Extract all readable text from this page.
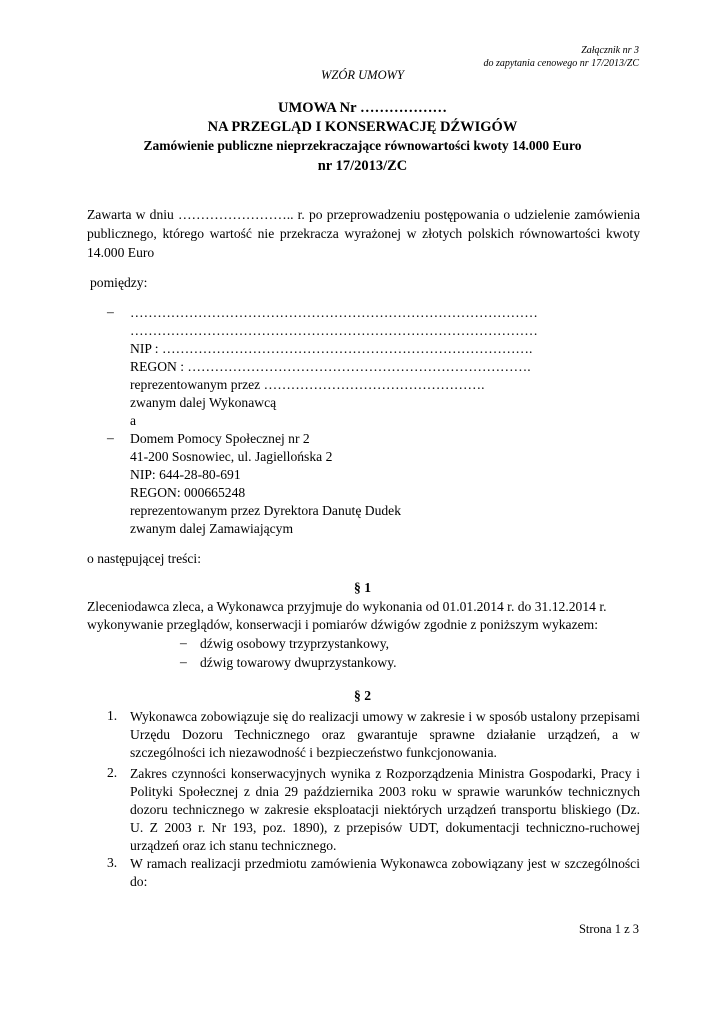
Załącznik nr 3
do zapytania cenowego nr 17/2013/ZC
WZÓR UMOWY
UMOWA Nr ………………
NA PRZEGLĄD I KONSERWACJĘ DŹWIGÓW
Zamówienie publiczne nieprzekraczające równowartości kwoty 14.000 Euro
nr 17/2013/ZC
Zawarta w dniu …………………….. r. po przeprowadzeniu postępowania o udzielenie zamówienia publicznego, którego wartość nie przekracza wyrażonej w złotych polskich równowartości kwoty 14.000 Euro
pomiędzy:
– ………………………………………………………………………………
………………………………………………………………………………
NIP : ……………………………………………………………………….
REGON : ………………………………………………………………….
reprezentowanym przez ………………………………………….
zwanym dalej Wykonawcą
a
– Domem Pomocy Społecznej nr 2
41-200 Sosnowiec, ul. Jagiellońska 2
NIP: 644-28-80-691
REGON: 000665248
reprezentowanym przez Dyrektora Danutę Dudek
zwanym dalej Zamawiającym
o następującej treści:
§ 1
Zleceniodawca zleca, a Wykonawca przyjmuje do wykonania od 01.01.2014 r. do 31.12.2014 r.
wykonywanie przeglądów, konserwacji i pomiarów dźwigów zgodnie z poniższym wykazem:
– dźwig osobowy trzyprzystankowy,
– dźwig towarowy dwuprzystankowy.
§ 2
1. Wykonawca zobowiązuje się do realizacji umowy w zakresie i w sposób ustalony przepisami Urzędu Dozoru Technicznego oraz gwarantuje sprawne działanie urządzeń, a w szczególności ich niezawodność i bezpieczeństwo funkcjonowania.
2. Zakres czynności konserwacyjnych wynika z Rozporządzenia Ministra Gospodarki, Pracy i Polityki Społecznej z dnia 29 października 2003 roku w sprawie warunków technicznych dozoru technicznego w zakresie eksploatacji niektórych urządzeń transportu bliskiego (Dz. U. Z 2003 r. Nr 193, poz. 1890), z przepisów UDT, dokumentacji techniczno-ruchowej urządzeń oraz ich stanu technicznego.
3. W ramach realizacji przedmiotu zamówienia Wykonawca zobowiązany jest w szczególności do:
Strona 1 z 3
